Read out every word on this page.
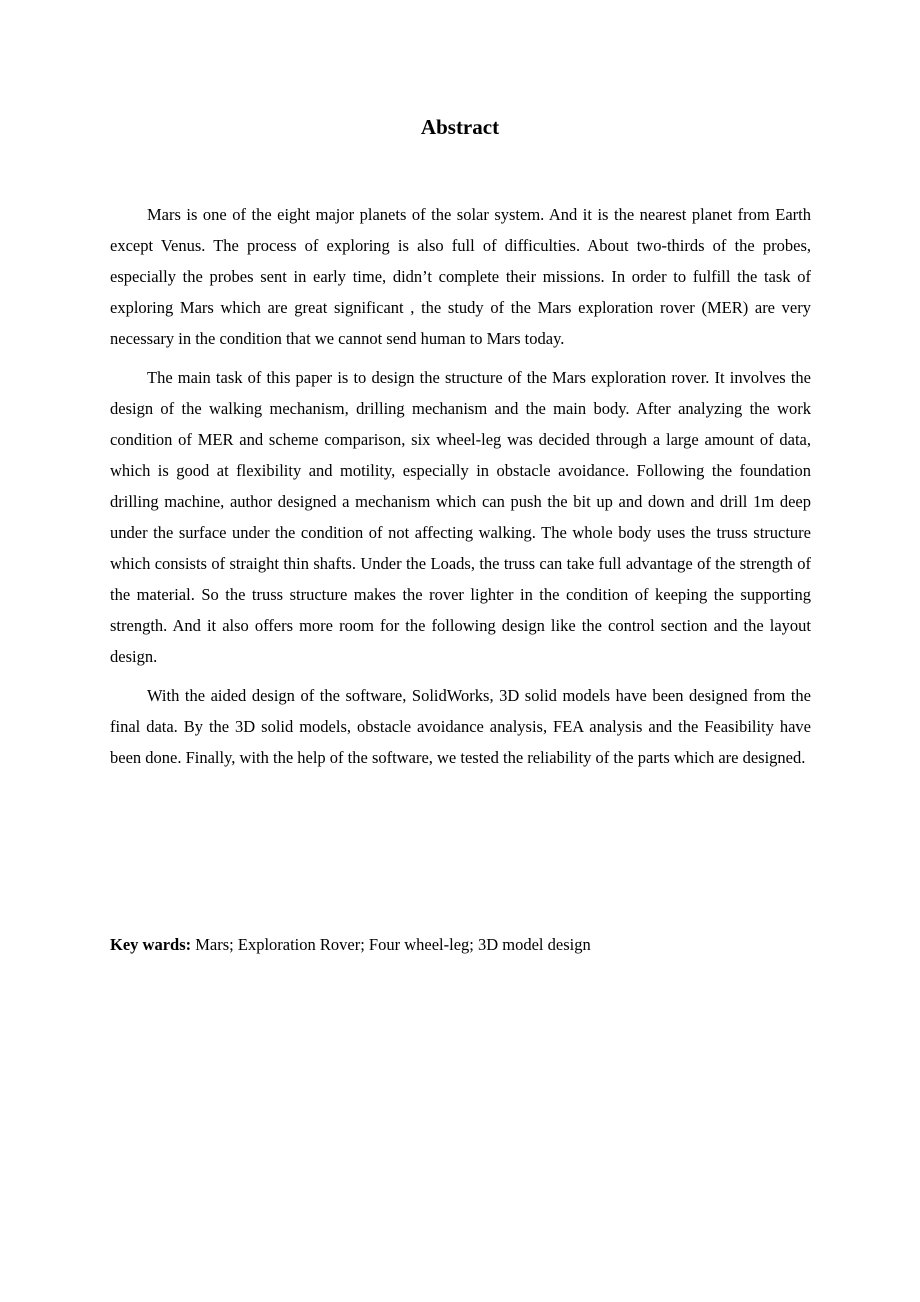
Abstract

Mars is one of the eight major planets of the solar system. And it is the nearest planet from Earth except Venus. The process of exploring is also full of difficulties. About two-thirds of the probes, especially the probes sent in early time, didn’t complete their missions. In order to fulfill the task of exploring Mars which are great significant , the study of the Mars exploration rover (MER) are very necessary in the condition that we cannot send human to Mars today.

The main task of this paper is to design the structure of the Mars exploration rover. It involves the design of the walking mechanism, drilling mechanism and the main body. After analyzing the work condition of MER and scheme comparison, six wheel-leg was decided through a large amount of data, which is good at flexibility and motility, especially in obstacle avoidance. Following the foundation drilling machine, author designed a mechanism which can push the bit up and down and drill 1m deep under the surface under the condition of not affecting walking. The whole body uses the truss structure which consists of straight thin shafts. Under the Loads, the truss can take full advantage of the strength of the material. So the truss structure makes the rover lighter in the condition of keeping the supporting strength. And it also offers more room for the following design like the control section and the layout design.

With the aided design of the software, SolidWorks, 3D solid models have been designed from the final data. By the 3D solid models, obstacle avoidance analysis, FEA analysis and the Feasibility have been done. Finally, with the help of the software, we tested the reliability of the parts which are designed.

Key wards: Mars; Exploration Rover; Four wheel-leg; 3D model design
